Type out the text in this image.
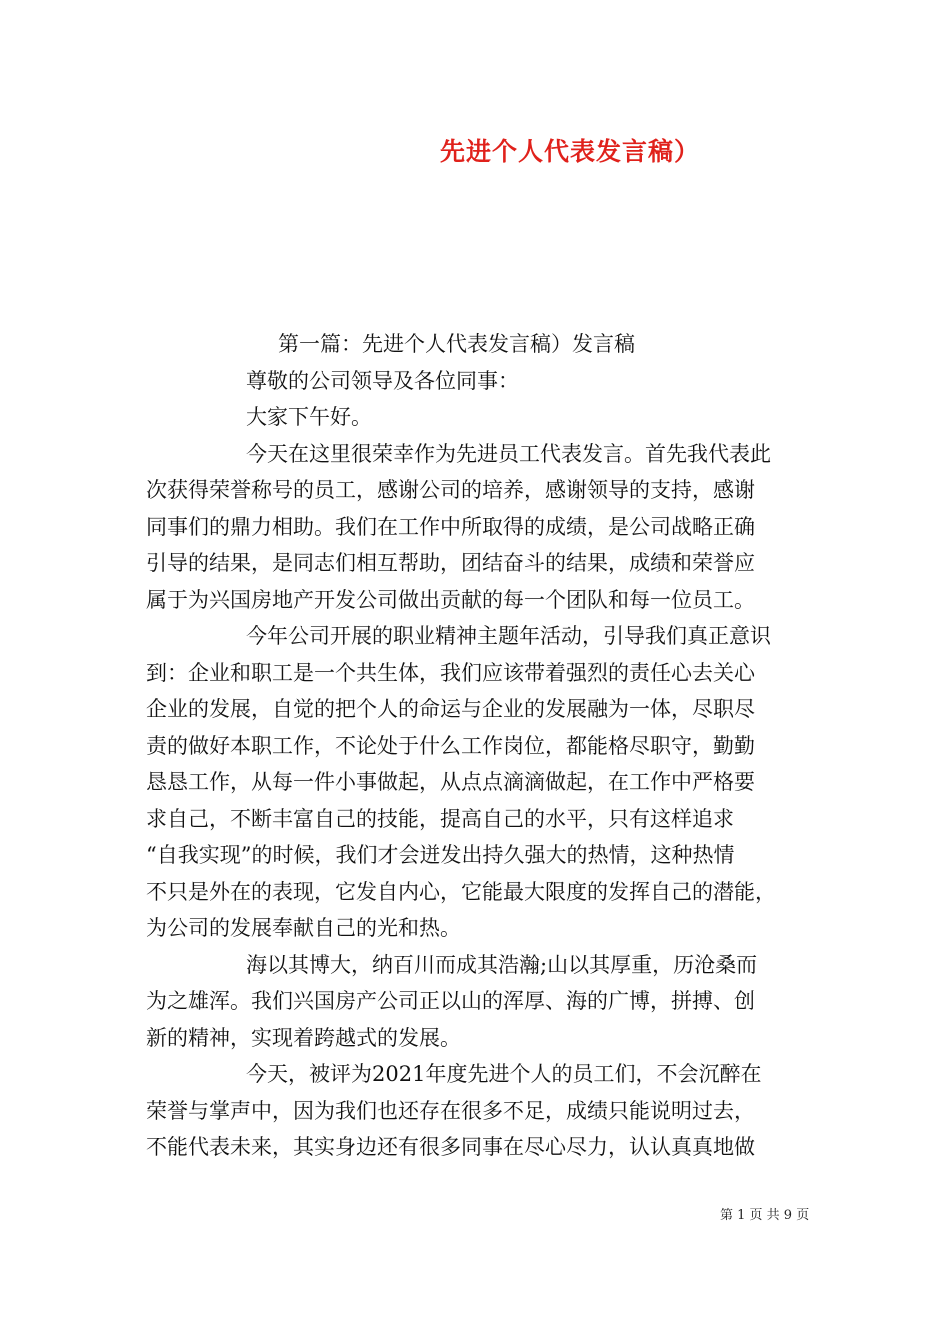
先进个人代表发言稿）
第一篇：先进个人代表发言稿）发言稿
尊敬的公司领导及各位同事：
大家下午好。
今天在这里很荣幸作为先进员工代表发言。首先我代表此
次获得荣誉称号的员工，感谢公司的培养，感谢领导的支持，感谢
同事们的鼎力相助。我们在工作中所取得的成绩，是公司战略正确
引导的结果，是同志们相互帮助，团结奋斗的结果，成绩和荣誉应
属于为兴国房地产开发公司做出贡献的每一个团队和每一位员工。
今年公司开展的职业精神主题年活动，引导我们真正意识
到：企业和职工是一个共生体，我们应该带着强烈的责任心去关心
企业的发展，自觉的把个人的命运与企业的发展融为一体，尽职尽
责的做好本职工作，不论处于什么工作岗位，都能格尽职守，勤勤
恳恳工作，从每一件小事做起，从点点滴滴做起，在工作中严格要
求自己，不断丰富自己的技能，提高自己的水平，只有这样追求
“自我实现”的时候，我们才会迸发出持久强大的热情，这种热情
不只是外在的表现，它发自内心，它能最大限度的发挥自己的潜能，
为公司的发展奉献自己的光和热。
海以其博大，纳百川而成其浩瀚;山以其厚重，历沧桑而
为之雄浑。我们兴国房产公司正以山的浑厚、海的广博，拼搏、创
新的精神，实现着跨越式的发展。
今天，被评为2021年度先进个人的员工们，不会沉醉在
荣誉与掌声中，因为我们也还存在很多不足，成绩只能说明过去，
不能代表未来，其实身边还有很多同事在尽心尽力，认认真真地做
第 1 页 共 9 页
